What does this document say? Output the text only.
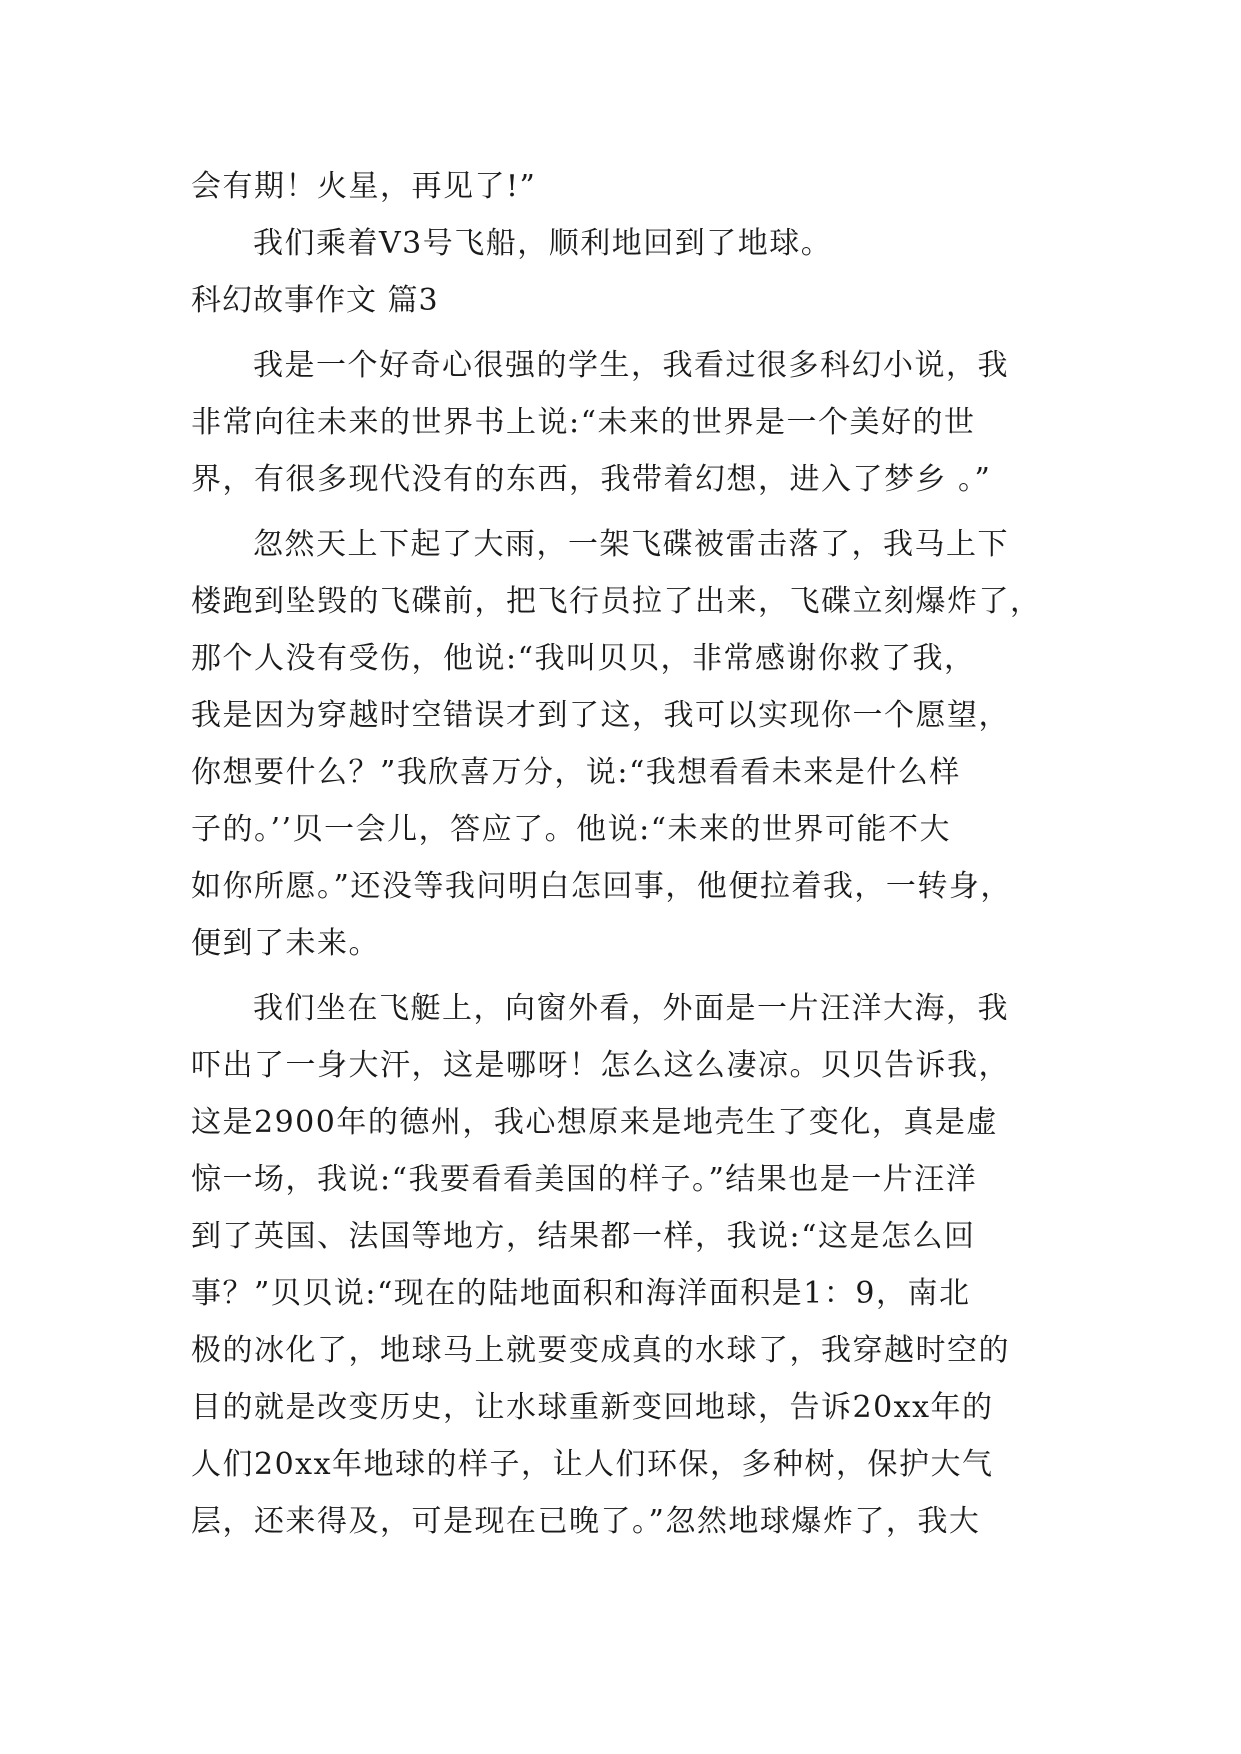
会有期！火星，再见了!”
我们乘着V3号飞船，顺利地回到了地球。
科幻故事作文 篇3
我是一个好奇心很强的学生，我看过很多科幻小说，我
非常向往未来的世界书上说:“未来的世界是一个美好的世
界，有很多现代没有的东西，我带着幻想，进入了梦乡 。”
忽然天上下起了大雨，一架飞碟被雷击落了，我马上下
楼跑到坠毁的飞碟前，把飞行员拉了出来，飞碟立刻爆炸了，
那个人没有受伤，他说:“我叫贝贝，非常感谢你救了我，
我是因为穿越时空错误才到了这，我可以实现你一个愿望，
你想要什么？”我欣喜万分，说:“我想看看未来是什么样
子的。’’贝一会儿，答应了。他说:“未来的世界可能不大
如你所愿。”还没等我问明白怎回事，他便拉着我，一转身，
便到了未来。
我们坐在飞艇上，向窗外看，外面是一片汪洋大海，我
吓出了一身大汗，这是哪呀！怎么这么凄凉。贝贝告诉我，
这是2900年的德州，我心想原来是地壳生了变化，真是虚
惊一场，我说:“我要看看美国的样子。”结果也是一片汪洋
到了英国、法国等地方，结果都一样，我说:“这是怎么回
事？”贝贝说:“现在的陆地面积和海洋面积是1：9，南北
极的冰化了，地球马上就要变成真的水球了，我穿越时空的
目的就是改变历史，让水球重新变回地球，告诉20xx年的
人们20xx年地球的样子，让人们环保，多种树，保护大气
层，还来得及，可是现在已晚了。”忽然地球爆炸了，我大
